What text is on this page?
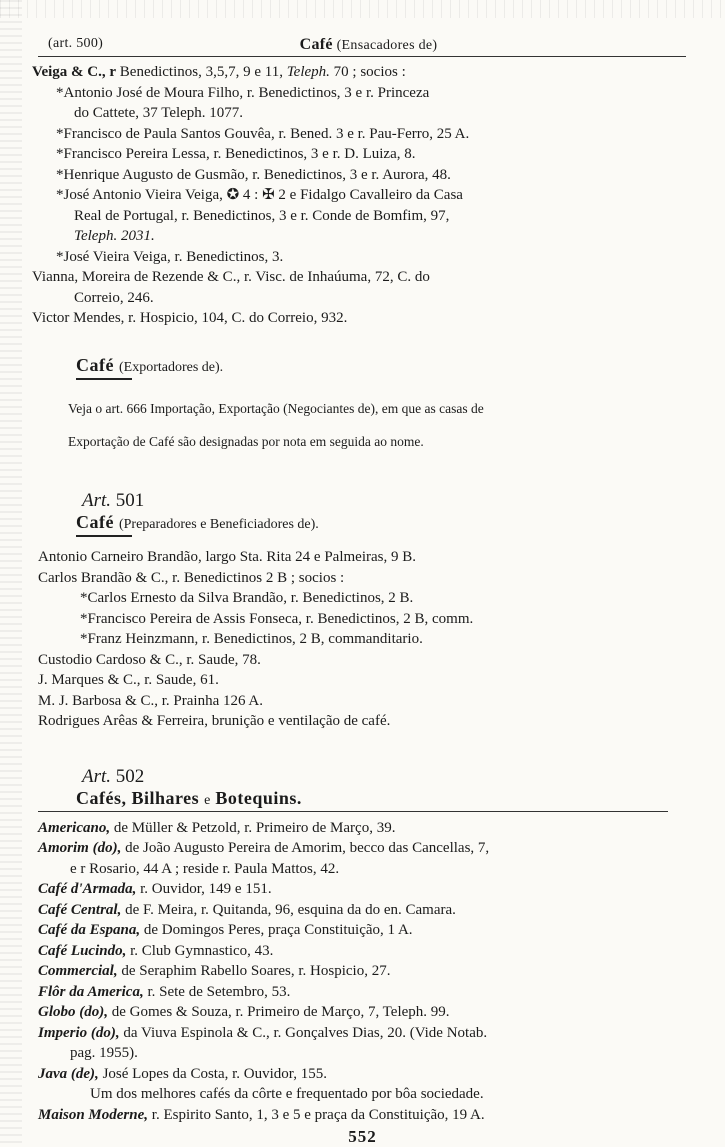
(art. 500)	Café (Ensacadores de)

Veiga & C., r Benedictinos, 3,5,7, 9 e 11, Teleph. 70 ; socios :

*Antonio José de Moura Filho, r. Benedictinos, 3 e r. Princeza

do Cattete, 37 Teleph. 1077.

*Francisco de Paula Santos Gouvêa, r. Bened. 3 e r. Pau-Ferro, 25 A.

*Francisco Pereira Lessa, r. Benedictinos, 3 e r. D. Luiza, 8.

*Henrique Augusto de Gusmão, r. Benedictinos, 3 e r. Aurora, 48.

*José Antonio Vieira Veiga, ✪ 4 : ✠ 2 e Fidalgo Cavalleiro da Casa

Real de Portugal, r. Benedictinos, 3 e r. Conde de Bomfim, 97,

Teleph. 2031.

*José Vieira Veiga, r. Benedictinos, 3.

Vianna, Moreira de Rezende & C., r. Visc. de Inhaúuma, 72, C. do

Correio, 246.

Victor Mendes, r. Hospicio, 104, C. do Correio, 932.

Café (Exportadores de).

Veja o art. 666 Importação, Exportação (Negociantes de), em que as casas de

Exportação de Café são designadas por nota em seguida ao nome.

Art. 501
Café (Preparadores e Beneficiadores de).

Antonio Carneiro Brandão, largo Sta. Rita 24 e Palmeiras, 9 B.

Carlos Brandão & C., r. Benedictinos 2 B ; socios :

*Carlos Ernesto da Silva Brandão, r. Benedictinos, 2 B.

*Francisco Pereira de Assis Fonseca, r. Benedictinos, 2 B, comm.

*Franz Heinzmann, r. Benedictinos, 2 B, commanditario.

Custodio Cardoso & C., r. Saude, 78.

J. Marques & C., r. Saude, 61.

M. J. Barbosa & C., r. Prainha 126 A.

Rodrigues Arêas & Ferreira, brunição e ventilação de café.

Art. 502
Cafés, Bilhares e Botequins.

Americano, de Müller & Petzold, r. Primeiro de Março, 39.

Amorim (do), de João Augusto Pereira de Amorim, becco das Cancellas, 7,

e r Rosario, 44 A ; reside r. Paula Mattos, 42.

Café d'Armada, r. Ouvidor, 149 e 151.

Café Central, de F. Meira, r. Quitanda, 96, esquina da do en. Camara.

Café da Espana, de Domingos Peres, praça Constituição, 1 A.

Café Lucindo, r. Club Gymnastico, 43.

Commercial, de Seraphim Rabello Soares, r. Hospicio, 27.

Flôr da America, r. Sete de Setembro, 53.

Globo (do), de Gomes & Souza, r. Primeiro de Março, 7, Teleph. 99.

Imperio (do), da Viuva Espinola & C., r. Gonçalves Dias, 20. (Vide Notab.

pag. 1955).

Java (de), José Lopes da Costa, r. Ouvidor, 155.

Um dos melhores cafés da côrte e frequentado por bôa sociedade.

Maison Moderne, r. Espirito Santo, 1, 3 e 5 e praça da Constituição, 19 A.

552
